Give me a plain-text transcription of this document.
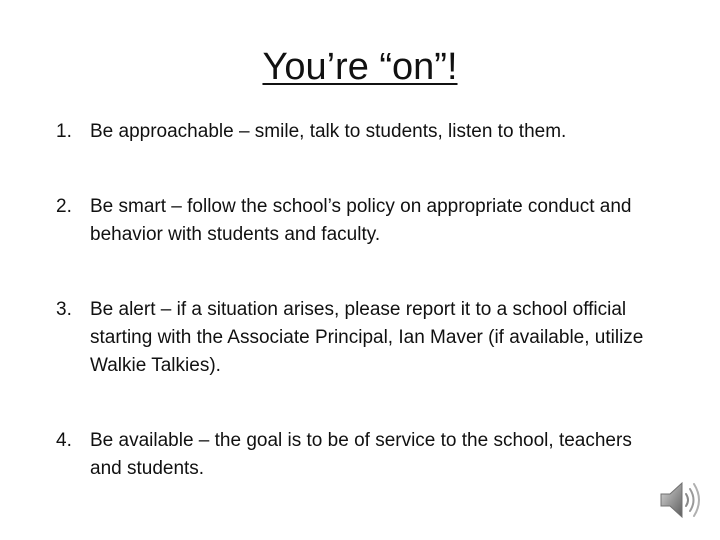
You’re “on”!
1. Be approachable – smile, talk to students, listen to them.
2. Be smart – follow the school’s policy on appropriate conduct and behavior with students and faculty.
3. Be alert – if a situation arises, please report it to a school official starting with the Associate Principal, Ian Maver (if available, utilize Walkie Talkies).
4. Be available – the goal is to be of service to the school, teachers and students.
